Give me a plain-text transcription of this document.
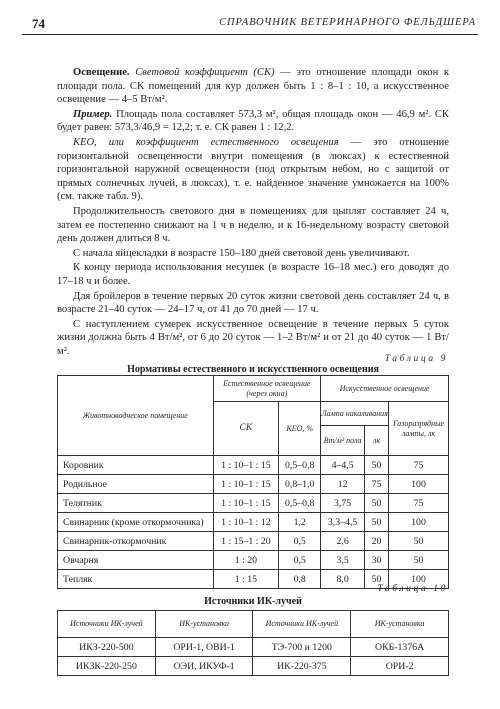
74	СПРАВОЧНИК ВЕТЕРИНАРНОГО ФЕЛЬДШЕРА

Освещение. Световой коэффициент (СК) — это отношение площади окон к площади пола. СК помещений для кур должен быть 1 : 8–1 : 10, а искусственное освещение — 4–5 Вт/м².

Пример. Площадь пола составляет 573,3 м², общая площадь окон — 46,9 м². СК будет равен: 573,3/46,9 = 12,2; т. е. СК равен 1 : 12,2.

КЕО, или коэффициент естественного освещения — это отношение горизонтальной освещенности внутри помещения (в люксах) к естественной горизонтальной наружной освещенности (под открытым небом, но с защитой от прямых солнечных лучей, в люксах), т. е. найденное значение умножается на 100% (см. также табл. 9).

Продолжительность светового дня в помещениях для цыплят составляет 24 ч, затем ее постепенно снижают на 1 ч в неделю, и к 16-недельному возрасту световой день должен длиться 8 ч.

С начала яйцекладки в возрасте 150–180 дней световой день увеличивают.

К концу периода использования несушек (в возрасте 16–18 мес.) его доводят до 17–18 ч и более.

Для бройлеров в течение первых 20 суток жизни световой день составляет 24 ч, в возрасте 21–40 суток — 24–17 ч, от 41 до 70 дней — 17 ч.

С наступлением сумерек искусственное освещение в течение первых 5 суток жизни должна быть 4 Вт/м², от 6 до 20 суток — 1–2 Вт/м² и от 21 до 40 суток — 1 Вт/м².

Таблица 9
Нормативы естественного и искусственного освещения
Животноводческое помещение	Естественное освещение (через окна)		Искусственное освещение		
	СК	КЕО, %	Лампа накаливания		Газоразрядные лампы, лк
			Вт/м² пола	лк	
Коровник	1 : 10–1 : 15	0,5–0,8	4–4,5	50	75
Родильное	1 : 10–1 : 15	0,8–1,0	12	75	100
Телятник	1 : 10–1 : 15	0,5–0,8	3,75	50	75
Свинарник (кроме откормочника)	1 : 10–1 : 12	1,2	3,3–4,5	50	100
Свинарник-откормочник	1 : 15–1 : 20	0,5	2,6	20	50
Овчарня	1 : 20	0,5	3,5	30	50
Тепляк	1 : 15	0,8	8,0	50	100
Таблица 10
Источники ИК-лучей
Источники ИК-лучей	ИК-установка	Источники ИК-лучей	ИК-установка
ИКЗ-220-500	ОРИ-1, ОВИ-1	ТЭ-700 и 1200	ОКБ-1376А
ИКЗК-220-250	ОЭИ, ИКУФ-1	ИК-220-375	ОРИ-2
